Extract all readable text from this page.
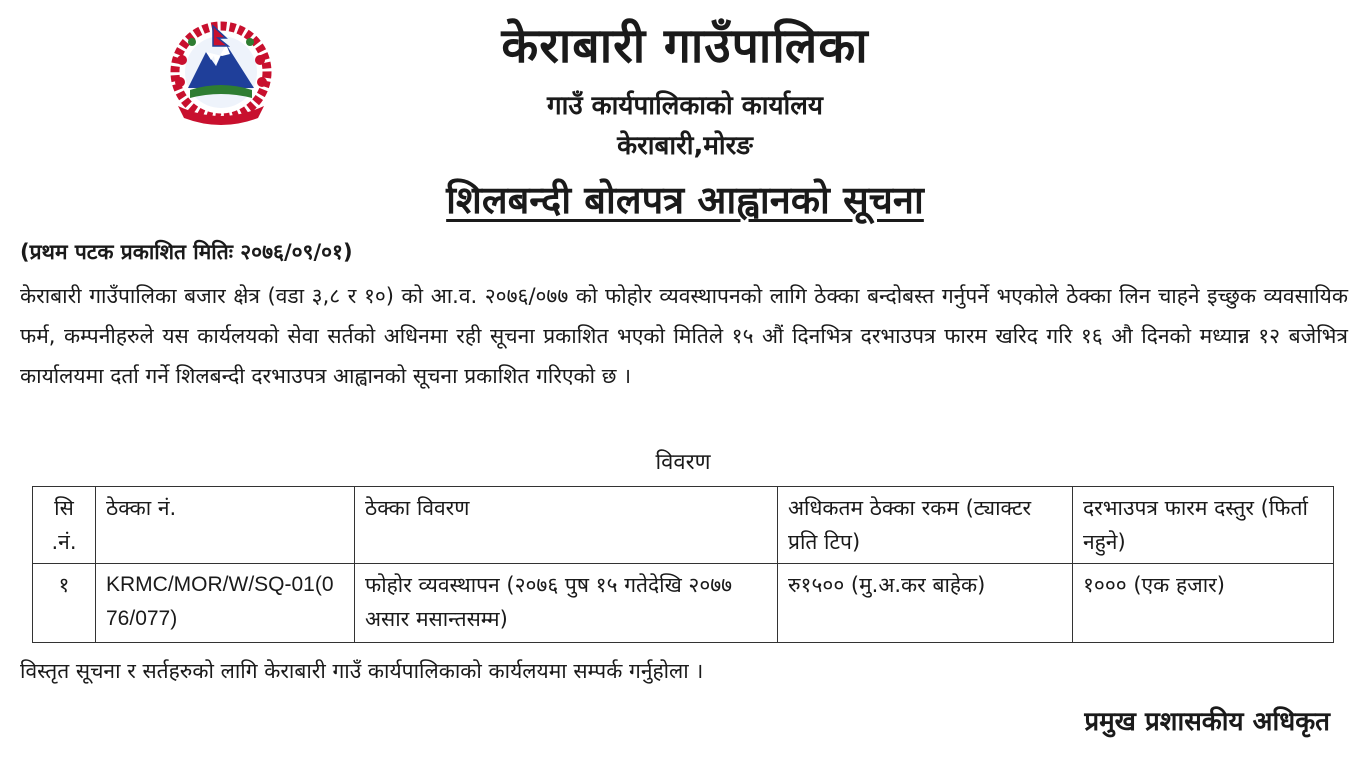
·
केराबारी गाउँपालिका
गाउँ कार्यपालिकाको कार्यालय
केराबारी,मोरङ
शिलबन्दी बोलपत्र आह्वानको सूचना
(प्रथम पटक प्रकाशित मितिः २०७६/०९/०१)
केराबारी गाउँपालिका बजार क्षेत्र (वडा ३,८ र १०) को आ.व. २०७६/०७७ को फोहोर व्यवस्थापनको लागि ठेक्का बन्दोबस्त गर्नुपर्ने भएकोले ठेक्का लिन चाहने इच्छुक व्यवसायिक फर्म, कम्पनीहरुले यस कार्यलयको सेवा सर्तको अधिनमा रही सूचना प्रकाशित भएको मितिले १५ औं दिनभित्र दरभाउपत्र फारम खरिद गरि १६ औ दिनको मध्यान्न १२ बजेभित्र कार्यालयमा दर्ता गर्ने शिलबन्दी दरभाउपत्र आह्वानको सूचना प्रकाशित गरिएको छ ।
विवरण
सि .नं.	ठेक्का नं.	ठेक्का विवरण	अधिकतम ठेक्का रकम (ट्याक्टर प्रति टिप)	दरभाउपत्र फारम दस्तुर (फिर्ता नहुने)
१	KRMC/MOR/W/SQ-01(076/077)	फोहोर व्यवस्थापन (२०७६ पुष १५ गतेदेखि २०७७ असार मसान्तसम्म)	रु१५०० (मु.अ.कर बाहेक)	१००० (एक हजार)
विस्तृत सूचना र सर्तहरुको लागि केराबारी गाउँ कार्यपालिकाको कार्यलयमा सम्पर्क गर्नुहोला ।
प्रमुख प्रशासकीय अधिकृत
